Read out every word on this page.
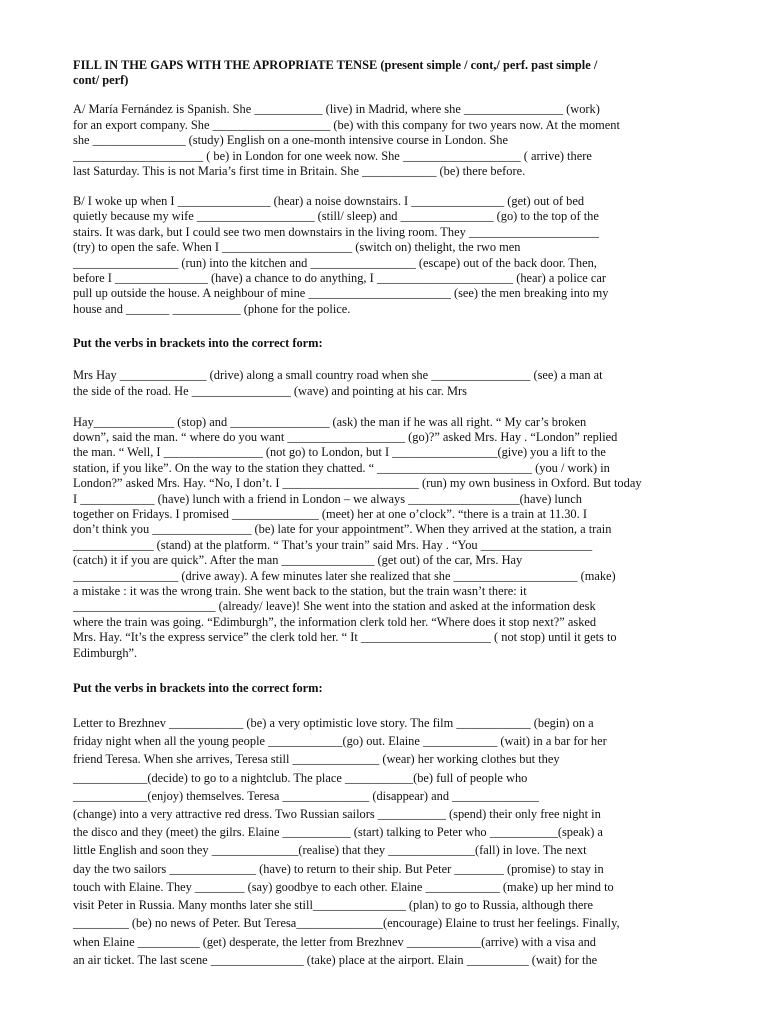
FILL IN THE GAPS WITH THE APROPRIATE TENSE (present simple / cont,/ perf. past simple /
cont/ perf)
A/ María Fernández is Spanish. She ___________ (live) in Madrid, where she ________________ (work)
for an export company. She ___________________ (be) with this company for two years now. At the moment
she _______________ (study) English on a one-month intensive course in London. She
_____________________ ( be) in London for one week now. She ___________________ ( arrive) there
last Saturday. This is not Maria’s first time in Britain. She ____________ (be) there before.
B/ I woke up when I _______________ (hear) a noise downstairs. I _______________ (get) out of bed
quietly because my wife ___________________ (still/ sleep) and _______________ (go) to the top of the
stairs. It was dark, but I could see two men downstairs in the living room. They _____________________
(try) to open the safe. When I _____________________ (switch on) thelight, the rwo men
_________________ (run) into the kitchen and _________________ (escape) out of the back door. Then,
before I _______________ (have) a chance to do anything, I ______________________ (hear) a police car
pull up outside the house. A neighbour of mine _______________________ (see) the men breaking into my
house and _______ ___________ (phone for the police.
Put the verbs in brackets into the correct form:
Mrs Hay ______________ (drive) along a small country road when she ________________ (see) a man at
the side of the road. He ________________ (wave) and pointing at his car. Mrs
Hay_____________ (stop) and ________________ (ask) the man if he was all right. “ My car’s broken
down”, said the man. “ where do you want ___________________ (go)?” asked Mrs. Hay . “London” replied
the man. “ Well, I ________________ (not go) to London, but I _________________(give) you a lift to the
station, if you like”. On the way to the station they chatted. “ _________________________ (you / work) in
London?” asked Mrs. Hay. “No, I don’t. I ______________________ (run) my own business in Oxford. But today
I ____________ (have) lunch with a friend in London – we always __________________(have) lunch
together on Fridays. I promised ______________ (meet) her at one o’clock”. “there is a train at 11.30. I
don’t think you ________________ (be) late for your appointment”. When they arrived at the station, a train
_____________ (stand) at the platform. “ That’s your train” said Mrs. Hay . “You __________________
(catch) it if you are quick”. After the man _______________ (get out) of the car, Mrs. Hay
_________________ (drive away). A few minutes later she realized that she ____________________ (make)
a mistake : it was the wrong train. She went back to the station, but the train wasn’t there: it
_______________________ (already/ leave)! She went into the station and asked at the information desk
where the train was going. “Edimburgh”, the information clerk told her. “Where does it stop next?” asked
Mrs. Hay. “It’s the express service” the clerk told her. “ It _____________________ ( not stop) until it gets to
Edimburgh”.
Put the verbs in brackets into the correct form:
Letter to Brezhnev ____________ (be) a very optimistic love story. The film ____________ (begin) on a
friday night when all the young people ____________(go) out. Elaine ____________ (wait) in a bar for her
friend Teresa. When she arrives, Teresa still ______________ (wear) her working clothes but they
____________(decide) to go to a nightclub. The place ___________(be) full of people who
____________(enjoy) themselves. Teresa ______________ (disappear) and ______________
(change) into a very attractive red dress. Two Russian sailors ___________ (spend) their only free night in
the disco and they (meet) the gilrs. Elaine ___________ (start) talking to Peter who ___________(speak) a
little English and soon they ______________(realise) that they ______________(fall) in love. The next
day the two sailors ______________ (have) to return to their ship. But Peter ________ (promise) to stay in
touch with Elaine. They ________ (say) goodbye to each other. Elaine ____________ (make) up her mind to
visit Peter in Russia. Many months later she still_______________ (plan) to go to Russia, although there
_________ (be) no news of Peter. But Teresa______________(encourage) Elaine to trust her feelings. Finally,
when Elaine __________ (get) desperate, the letter from Brezhnev ____________(arrive) with a visa and
an air ticket. The last scene _______________ (take) place at the airport. Elain __________ (wait) for the
